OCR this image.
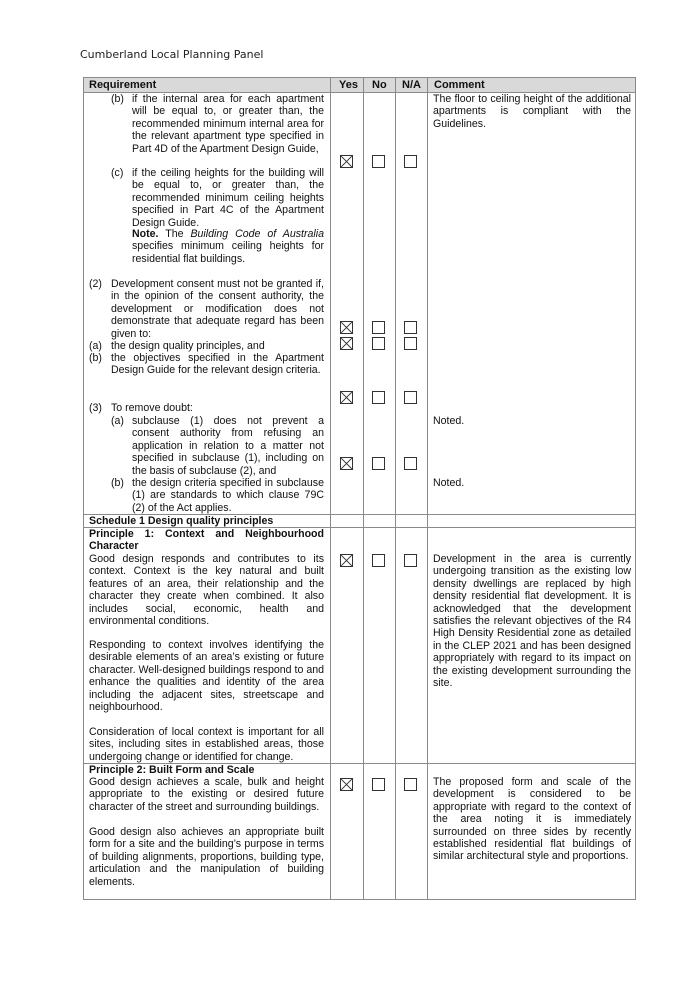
Cumberland Local Planning Panel
Requirement	Yes No N/A Comment
(b) if the internal area for each apartment will be equal to, or greater than, the recommended minimum internal area for the relevant apartment type specified in Part 4D of the Apartment Design Guide,
(c) if the ceiling heights for the building will be equal to, or greater than, the recommended minimum ceiling heights specified in Part 4C of the Apartment Design Guide.
Note. The Building Code of Australia specifies minimum ceiling heights for residential flat buildings.
(2) Development consent must not be granted if, in the opinion of the consent authority, the development or modification does not demonstrate that adequate regard has been given to:
(a) the design quality principles, and
(b) the objectives specified in the Apartment Design Guide for the relevant design criteria.
(3) To remove doubt:
(a) subclause (1) does not prevent a consent authority from refusing an application in relation to a matter not specified in subclause (1), including on the basis of subclause (2), and
(b) the design criteria specified in subclause (1) are standards to which clause 79C (2) of the Act applies.
The floor to ceiling height of the additional apartments is compliant with the Guidelines.
Noted.
Noted.
Schedule 1 Design quality principles
Principle 1: Context and Neighbourhood Character
Good design responds and contributes to its context. Context is the key natural and built features of an area, their relationship and the character they create when combined. It also includes social, economic, health and environmental conditions.
Responding to context involves identifying the desirable elements of an area’s existing or future character. Well-designed buildings respond to and enhance the qualities and identity of the area including the adjacent sites, streetscape and neighbourhood.
Consideration of local context is important for all sites, including sites in established areas, those undergoing change or identified for change.
Development in the area is currently undergoing transition as the existing low density dwellings are replaced by high density residential flat development. It is acknowledged that the development satisfies the relevant objectives of the R4 High Density Residential zone as detailed in the CLEP 2021 and has been designed appropriately with regard to its impact on the existing development surrounding the site.
Principle 2: Built Form and Scale
Good design achieves a scale, bulk and height appropriate to the existing or desired future character of the street and surrounding buildings.
Good design also achieves an appropriate built form for a site and the building’s purpose in terms of building alignments, proportions, building type, articulation and the manipulation of building elements.
The proposed form and scale of the development is considered to be appropriate with regard to the context of the area noting it is immediately surrounded on three sides by recently established residential flat buildings of similar architectural style and proportions.
